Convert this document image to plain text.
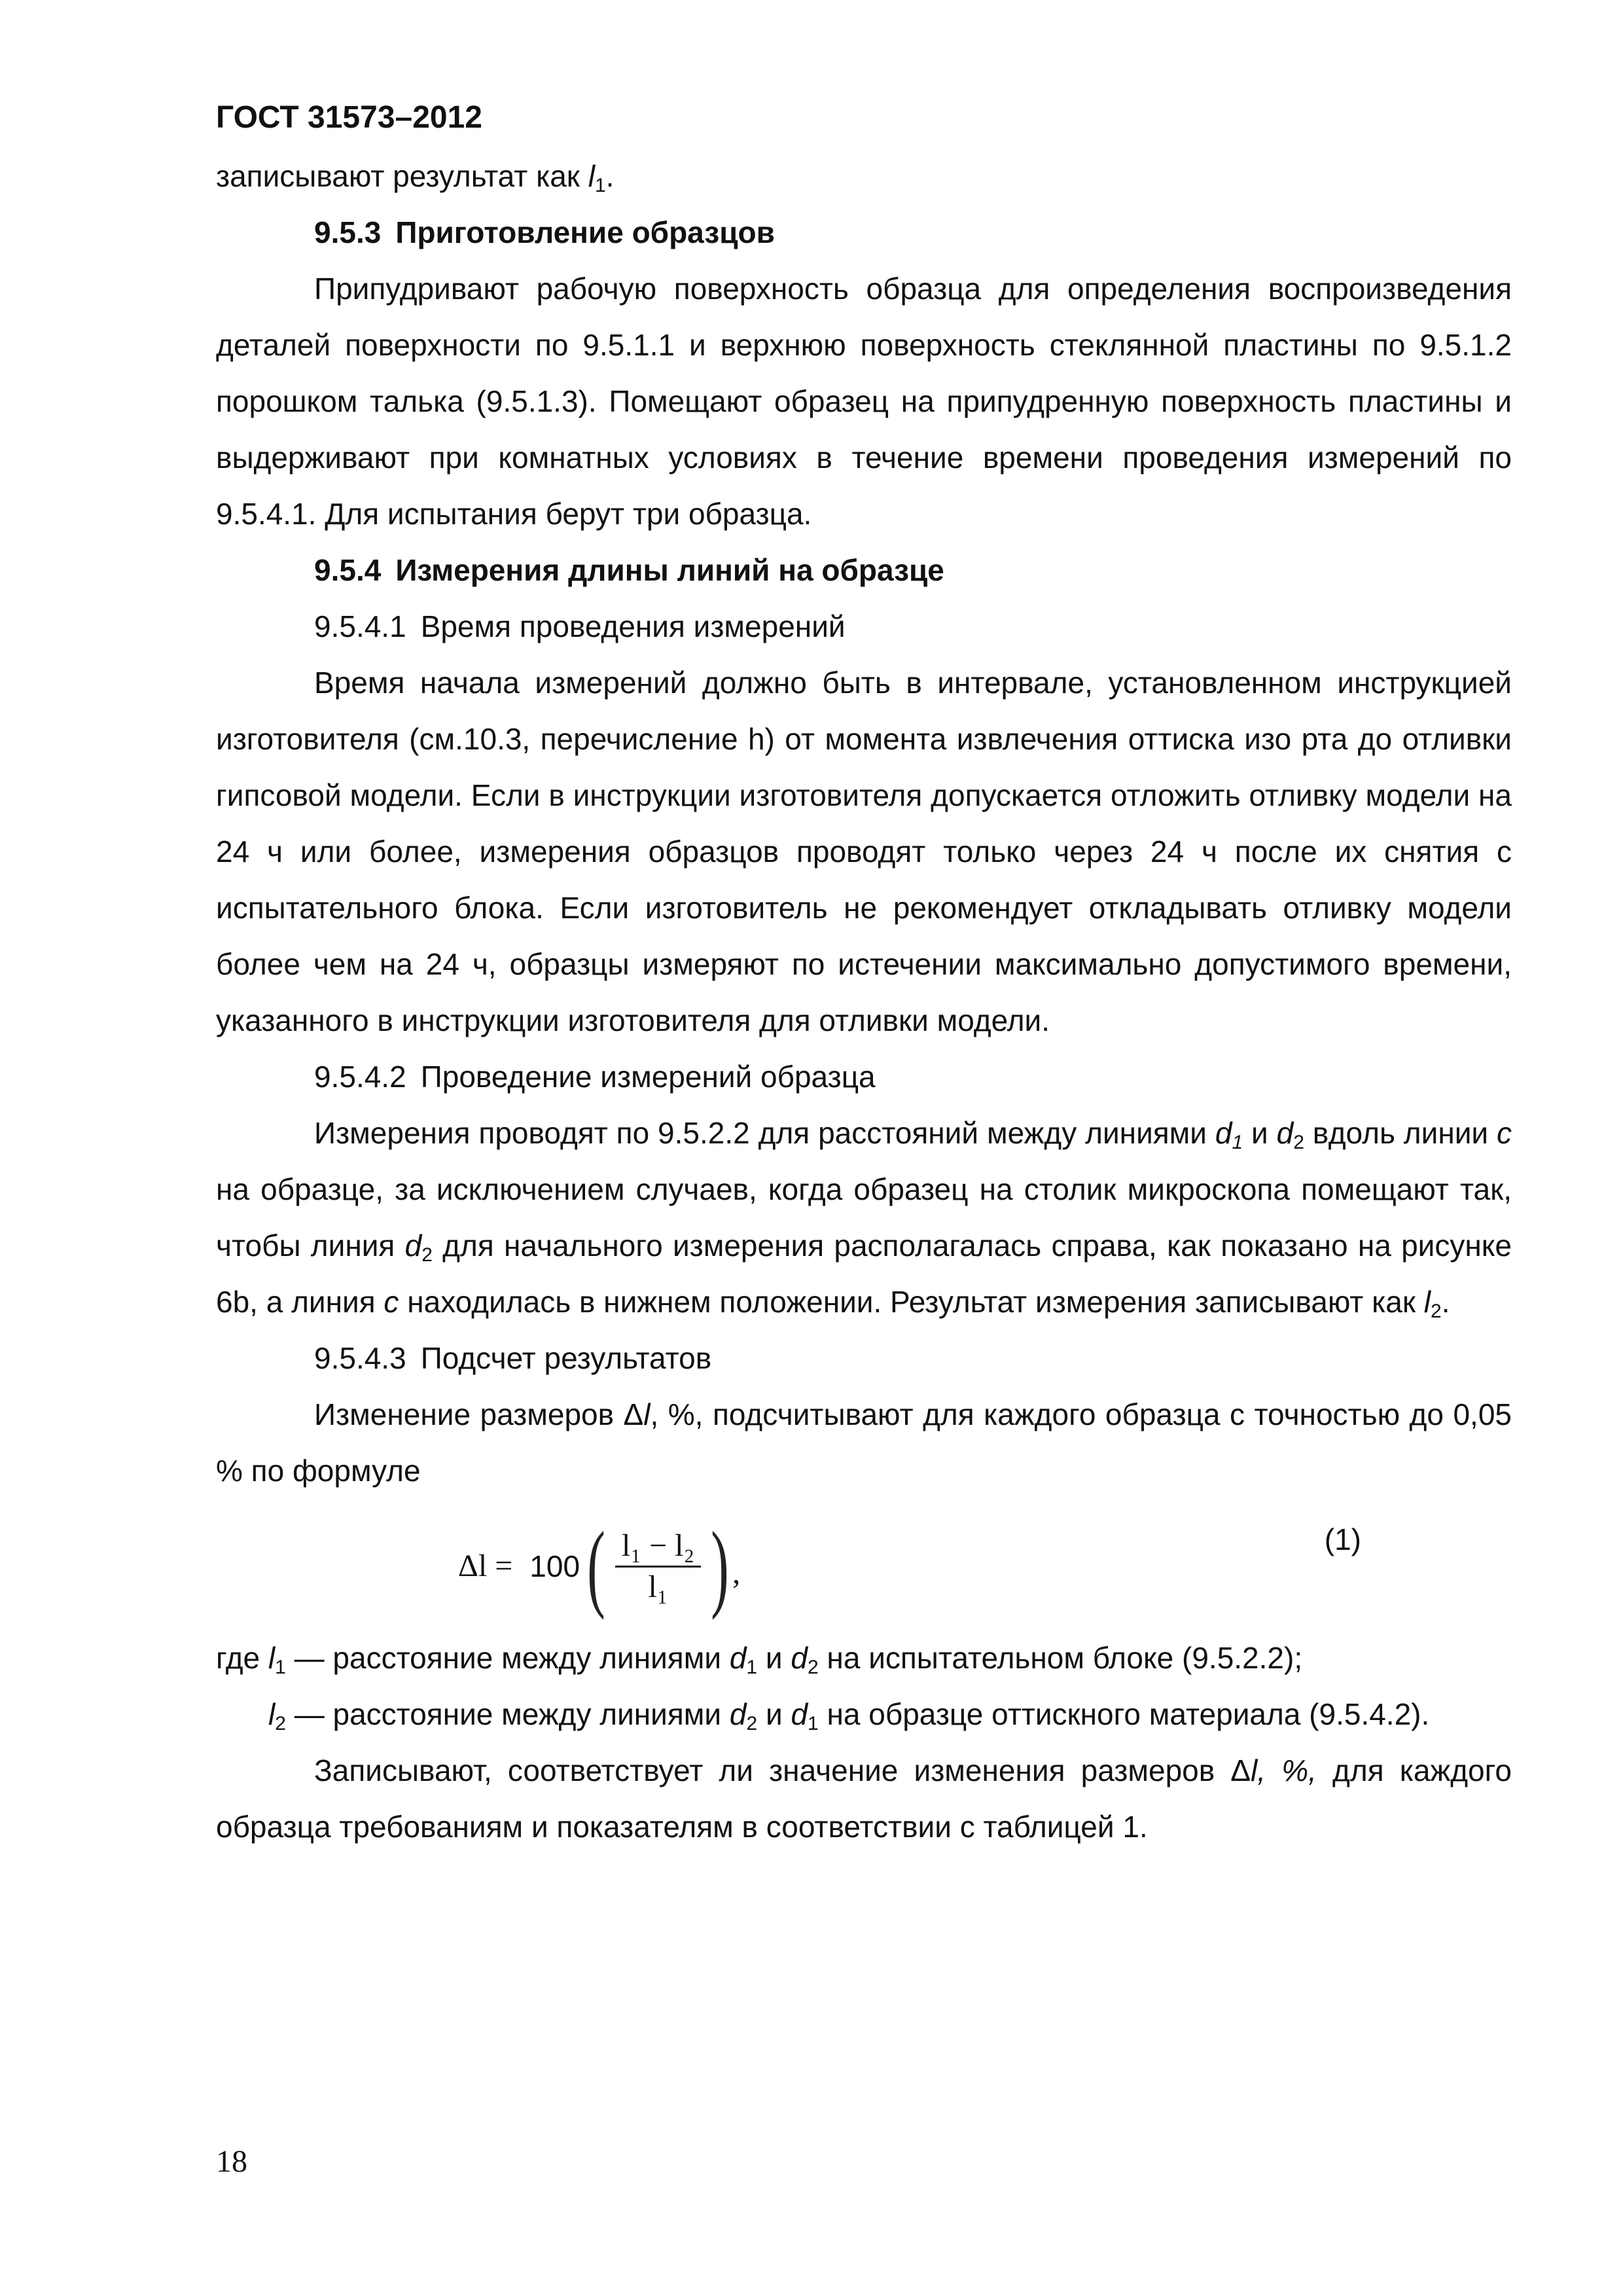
ГОСТ 31573–2012

записывают результат как $l_1$.

9.5.3 Приготовление образцов

Припудривают рабочую поверхность образца для определения воспроизведения деталей поверхности по 9.5.1.1 и верхнюю поверхность стеклянной пластины по 9.5.1.2 порошком талька (9.5.1.3). Помещают образец на припудренную поверхность пластины и выдерживают при комнатных условиях в течение времени проведения измерений по 9.5.4.1. Для испытания берут три образца.

9.5.4 Измерения длины линий на образце

9.5.4.1 Время проведения измерений

Время начала измерений должно быть в интервале, установленном инструкцией изготовителя (см.10.3, перечисление h) от момента извлечения оттиска изо рта до отливки гипсовой модели. Если в инструкции изготовителя допускается отложить отливку модели на 24 ч или более, измерения образцов проводят только через 24 ч после их снятия с испытательного блока. Если изготовитель не рекомендует откладывать отливку модели более чем на 24 ч, образцы измеряют по истечении максимально допустимого времени, указанного в инструкции изготовителя для отливки модели.

9.5.4.2 Проведение измерений образца

Измерения проводят по 9.5.2.2 для расстояний между линиями $d_1$ и $d_2$ вдоль линии c на образце, за исключением случаев, когда образец на столик микроскопа помещают так, чтобы линия $d_2$ для начального измерения располагалась справа, как показано на рисунке 6b, а линия c находилась в нижнем положении. Результат измерения записывают как $l_2$.

9.5.4.3 Подсчет результатов

Изменение размеров Δl, %, подсчитывают для каждого образца с точностью до 0,05 % по формуле

Δl = 100 ( $\frac{\text{l₁ − l₂}}{\text{l₁}}$ ) ,
(1)

где $l_1$ — расстояние между линиями $d_1$ и $d_2$ на испытательном блоке (9.5.2.2);

$l_2$ — расстояние между линиями $d_2$ и $d_1$ на образце оттискного материала (9.5.4.2).

Записывают, соответствует ли значение изменения размеров Δl, %, для каждого образца требованиям и показателям в соответствии с таблицей 1.

18
